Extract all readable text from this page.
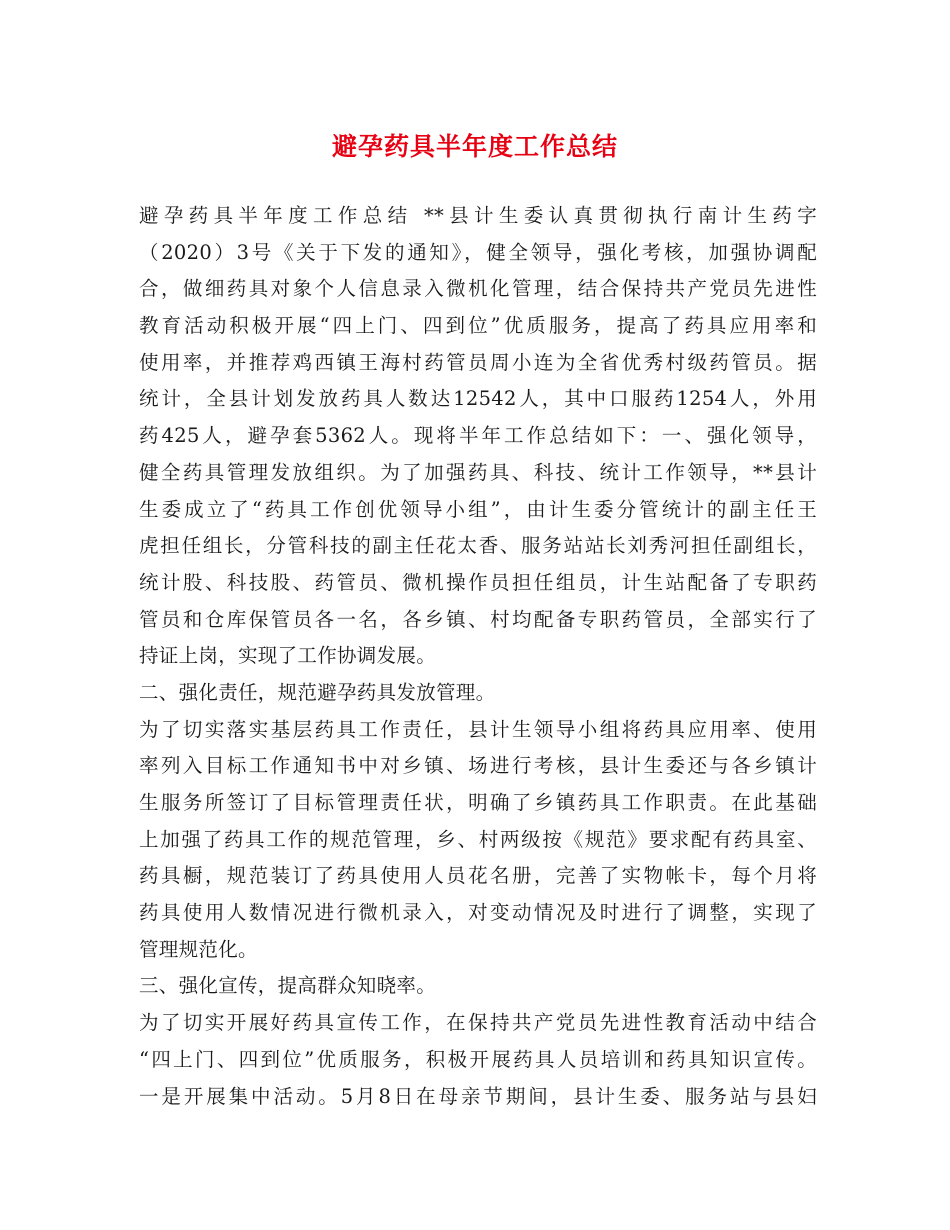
避孕药具半年度工作总结
避孕药具半年度工作总结 **县计生委认真贯彻执行南计生药字
（2020）3号《关于下发的通知》，健全领导，强化考核，加强协调配
合，做细药具对象个人信息录入微机化管理，结合保持共产党员先进性
教育活动积极开展“四上门、四到位”优质服务，提高了药具应用率和
使用率，并推荐鸡西镇王海村药管员周小连为全省优秀村级药管员。据
统计，全县计划发放药具人数达12542人，其中口服药1254人，外用
药425人，避孕套5362人。现将半年工作总结如下：一、强化领导，
健全药具管理发放组织。为了加强药具、科技、统计工作领导，**县计
生委成立了“药具工作创优领导小组”，由计生委分管统计的副主任王
虎担任组长，分管科技的副主任花太香、服务站站长刘秀河担任副组长，
统计股、科技股、药管员、微机操作员担任组员，计生站配备了专职药
管员和仓库保管员各一名，各乡镇、村均配备专职药管员，全部实行了
持证上岗，实现了工作协调发展。
二、强化责任，规范避孕药具发放管理。
为了切实落实基层药具工作责任，县计生领导小组将药具应用率、使用
率列入目标工作通知书中对乡镇、场进行考核，县计生委还与各乡镇计
生服务所签订了目标管理责任状，明确了乡镇药具工作职责。在此基础
上加强了药具工作的规范管理，乡、村两级按《规范》要求配有药具室、
药具橱，规范装订了药具使用人员花名册，完善了实物帐卡，每个月将
药具使用人数情况进行微机录入，对变动情况及时进行了调整，实现了
管理规范化。
三、强化宣传，提高群众知晓率。
为了切实开展好药具宣传工作，在保持共产党员先进性教育活动中结合
“四上门、四到位”优质服务，积极开展药具人员培训和药具知识宣传。
一是开展集中活动。5月8日在母亲节期间，县计生委、服务站与县妇
